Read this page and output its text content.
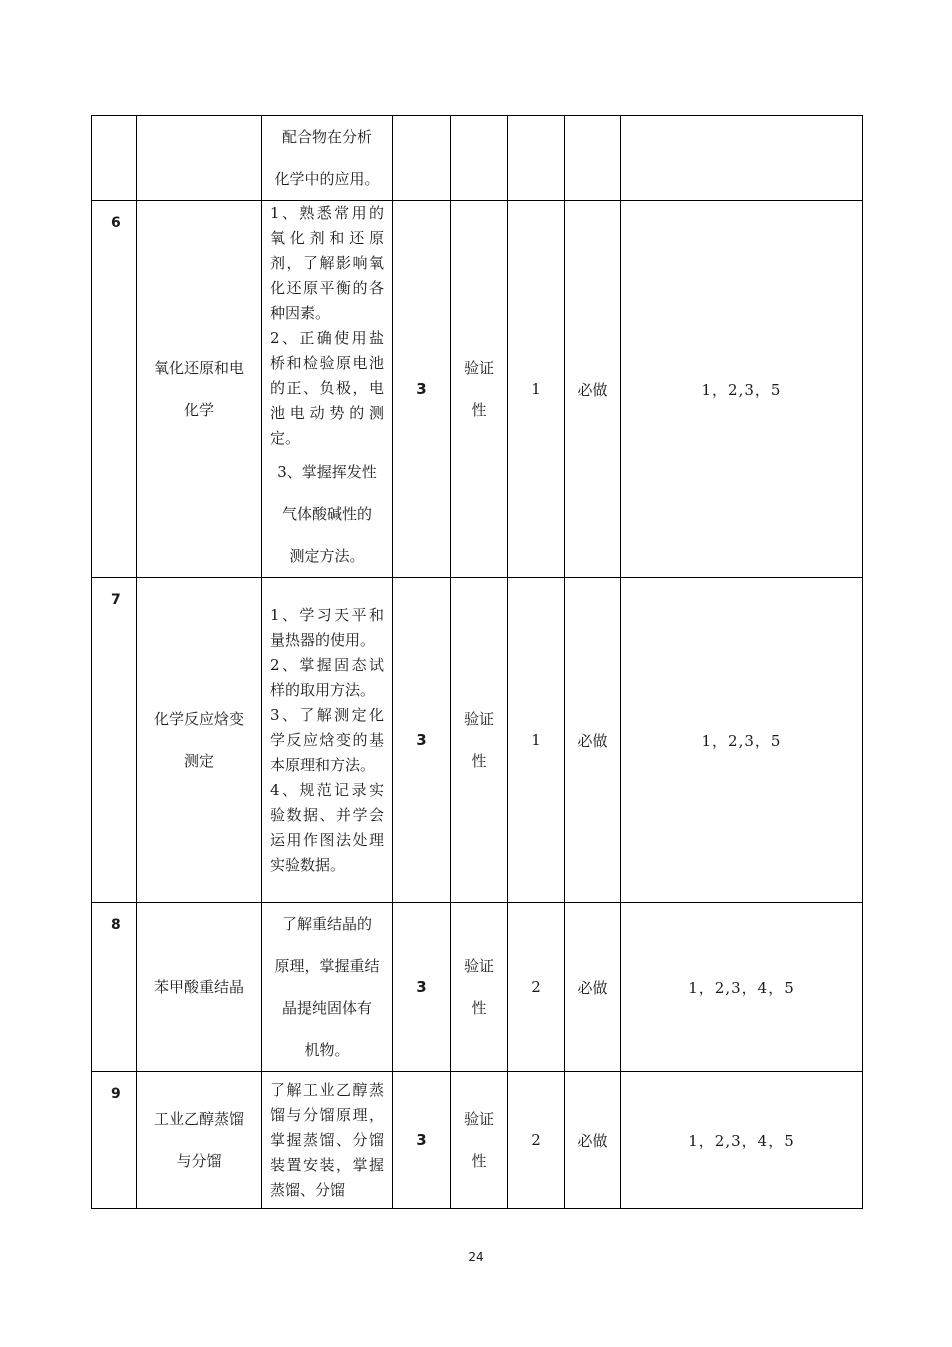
		配合物在分析
化学中的应用。					

6	氧化还原和电化学	1、熟悉常用的氧化剂和还原剂，了解影响氧化还原平衡的各种因素。
2、正确使用盐桥和检验原电池的正、负极，电池电动势的测定。
3、掌握挥发性
气体酸碱性的
测定方法。	3	验证性	1	必做	1，2,3，5

7	化学反应焓变测定	1、学习天平和量热器的使用。
2、掌握固态试样的取用方法。
3、了解测定化学反应焓变的基本原理和方法。
4、规范记录实验数据、并学会运用作图法处理实验数据。	3	验证性	1	必做	1，2,3，5

8	苯甲酸重结晶	了解重结晶的
原理，掌握重结
晶提纯固体有
机物。	3	验证性	2	必做	1，2,3，4，5

9	工业乙醇蒸馏与分馏	了解工业乙醇蒸馏与分馏原理，掌握蒸馏、分馏装置安装，掌握蒸馏、分馏	3	验证性	2	必做	1，2,3，4，5
24
